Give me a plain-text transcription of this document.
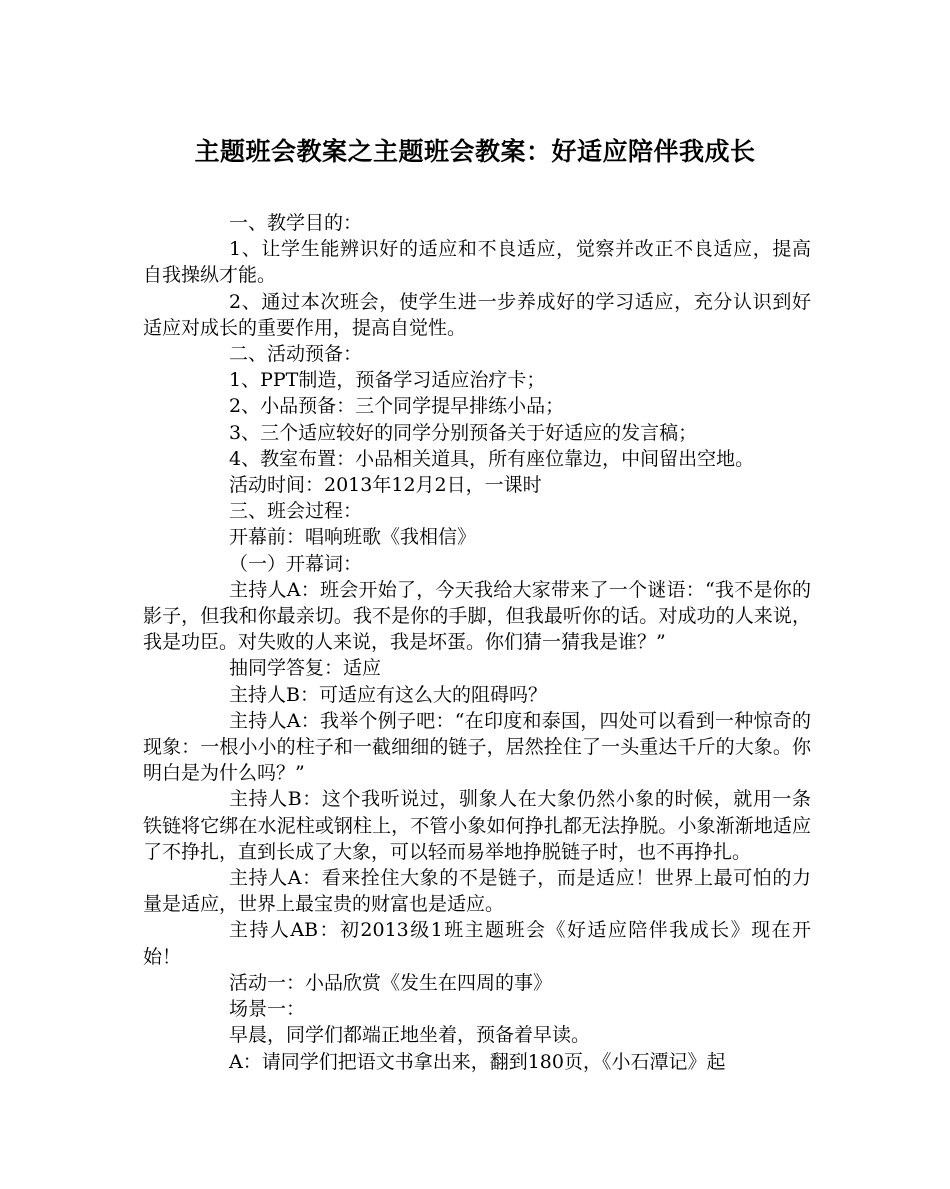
主题班会教案之主题班会教案：好适应陪伴我成长

一、教学目的：

1、让学生能辨识好的适应和不良适应，觉察并改正不良适应，提高自我操纵才能。

2、通过本次班会，使学生进一步养成好的学习适应，充分认识到好适应对成长的重要作用，提高自觉性。

二、活动预备：

1、PPT制造，预备学习适应治疗卡；

2、小品预备：三个同学提早排练小品；

3、三个适应较好的同学分别预备关于好适应的发言稿；

4、教室布置：小品相关道具，所有座位靠边，中间留出空地。

活动时间：2013年12月2日，一课时

三、班会过程：

开幕前：唱响班歌《我相信》

（一）开幕词：

主持人A：班会开始了，今天我给大家带来了一个谜语：“我不是你的影子，但我和你最亲切。我不是你的手脚，但我最听你的话。对成功的人来说，我是功臣。对失败的人来说，我是坏蛋。你们猜一猜我是谁？”

抽同学答复：适应

主持人B：可适应有这么大的阻碍吗？

主持人A：我举个例子吧：“在印度和泰国，四处可以看到一种惊奇的现象：一根小小的柱子和一截细细的链子，居然拴住了一头重达千斤的大象。你明白是为什么吗？”

主持人B：这个我听说过，驯象人在大象仍然小象的时候，就用一条铁链将它绑在水泥柱或钢柱上，不管小象如何挣扎都无法挣脱。小象渐渐地适应了不挣扎，直到长成了大象，可以轻而易举地挣脱链子时，也不再挣扎。

主持人A：看来拴住大象的不是链子，而是适应！世界上最可怕的力量是适应，世界上最宝贵的财富也是适应。

主持人AB：初2013级1班主题班会《好适应陪伴我成长》现在开始！

活动一：小品欣赏《发生在四周的事》

场景一：

早晨，同学们都端正地坐着，预备着早读。

A：请同学们把语文书拿出来，翻到180页，《小石潭记》起
